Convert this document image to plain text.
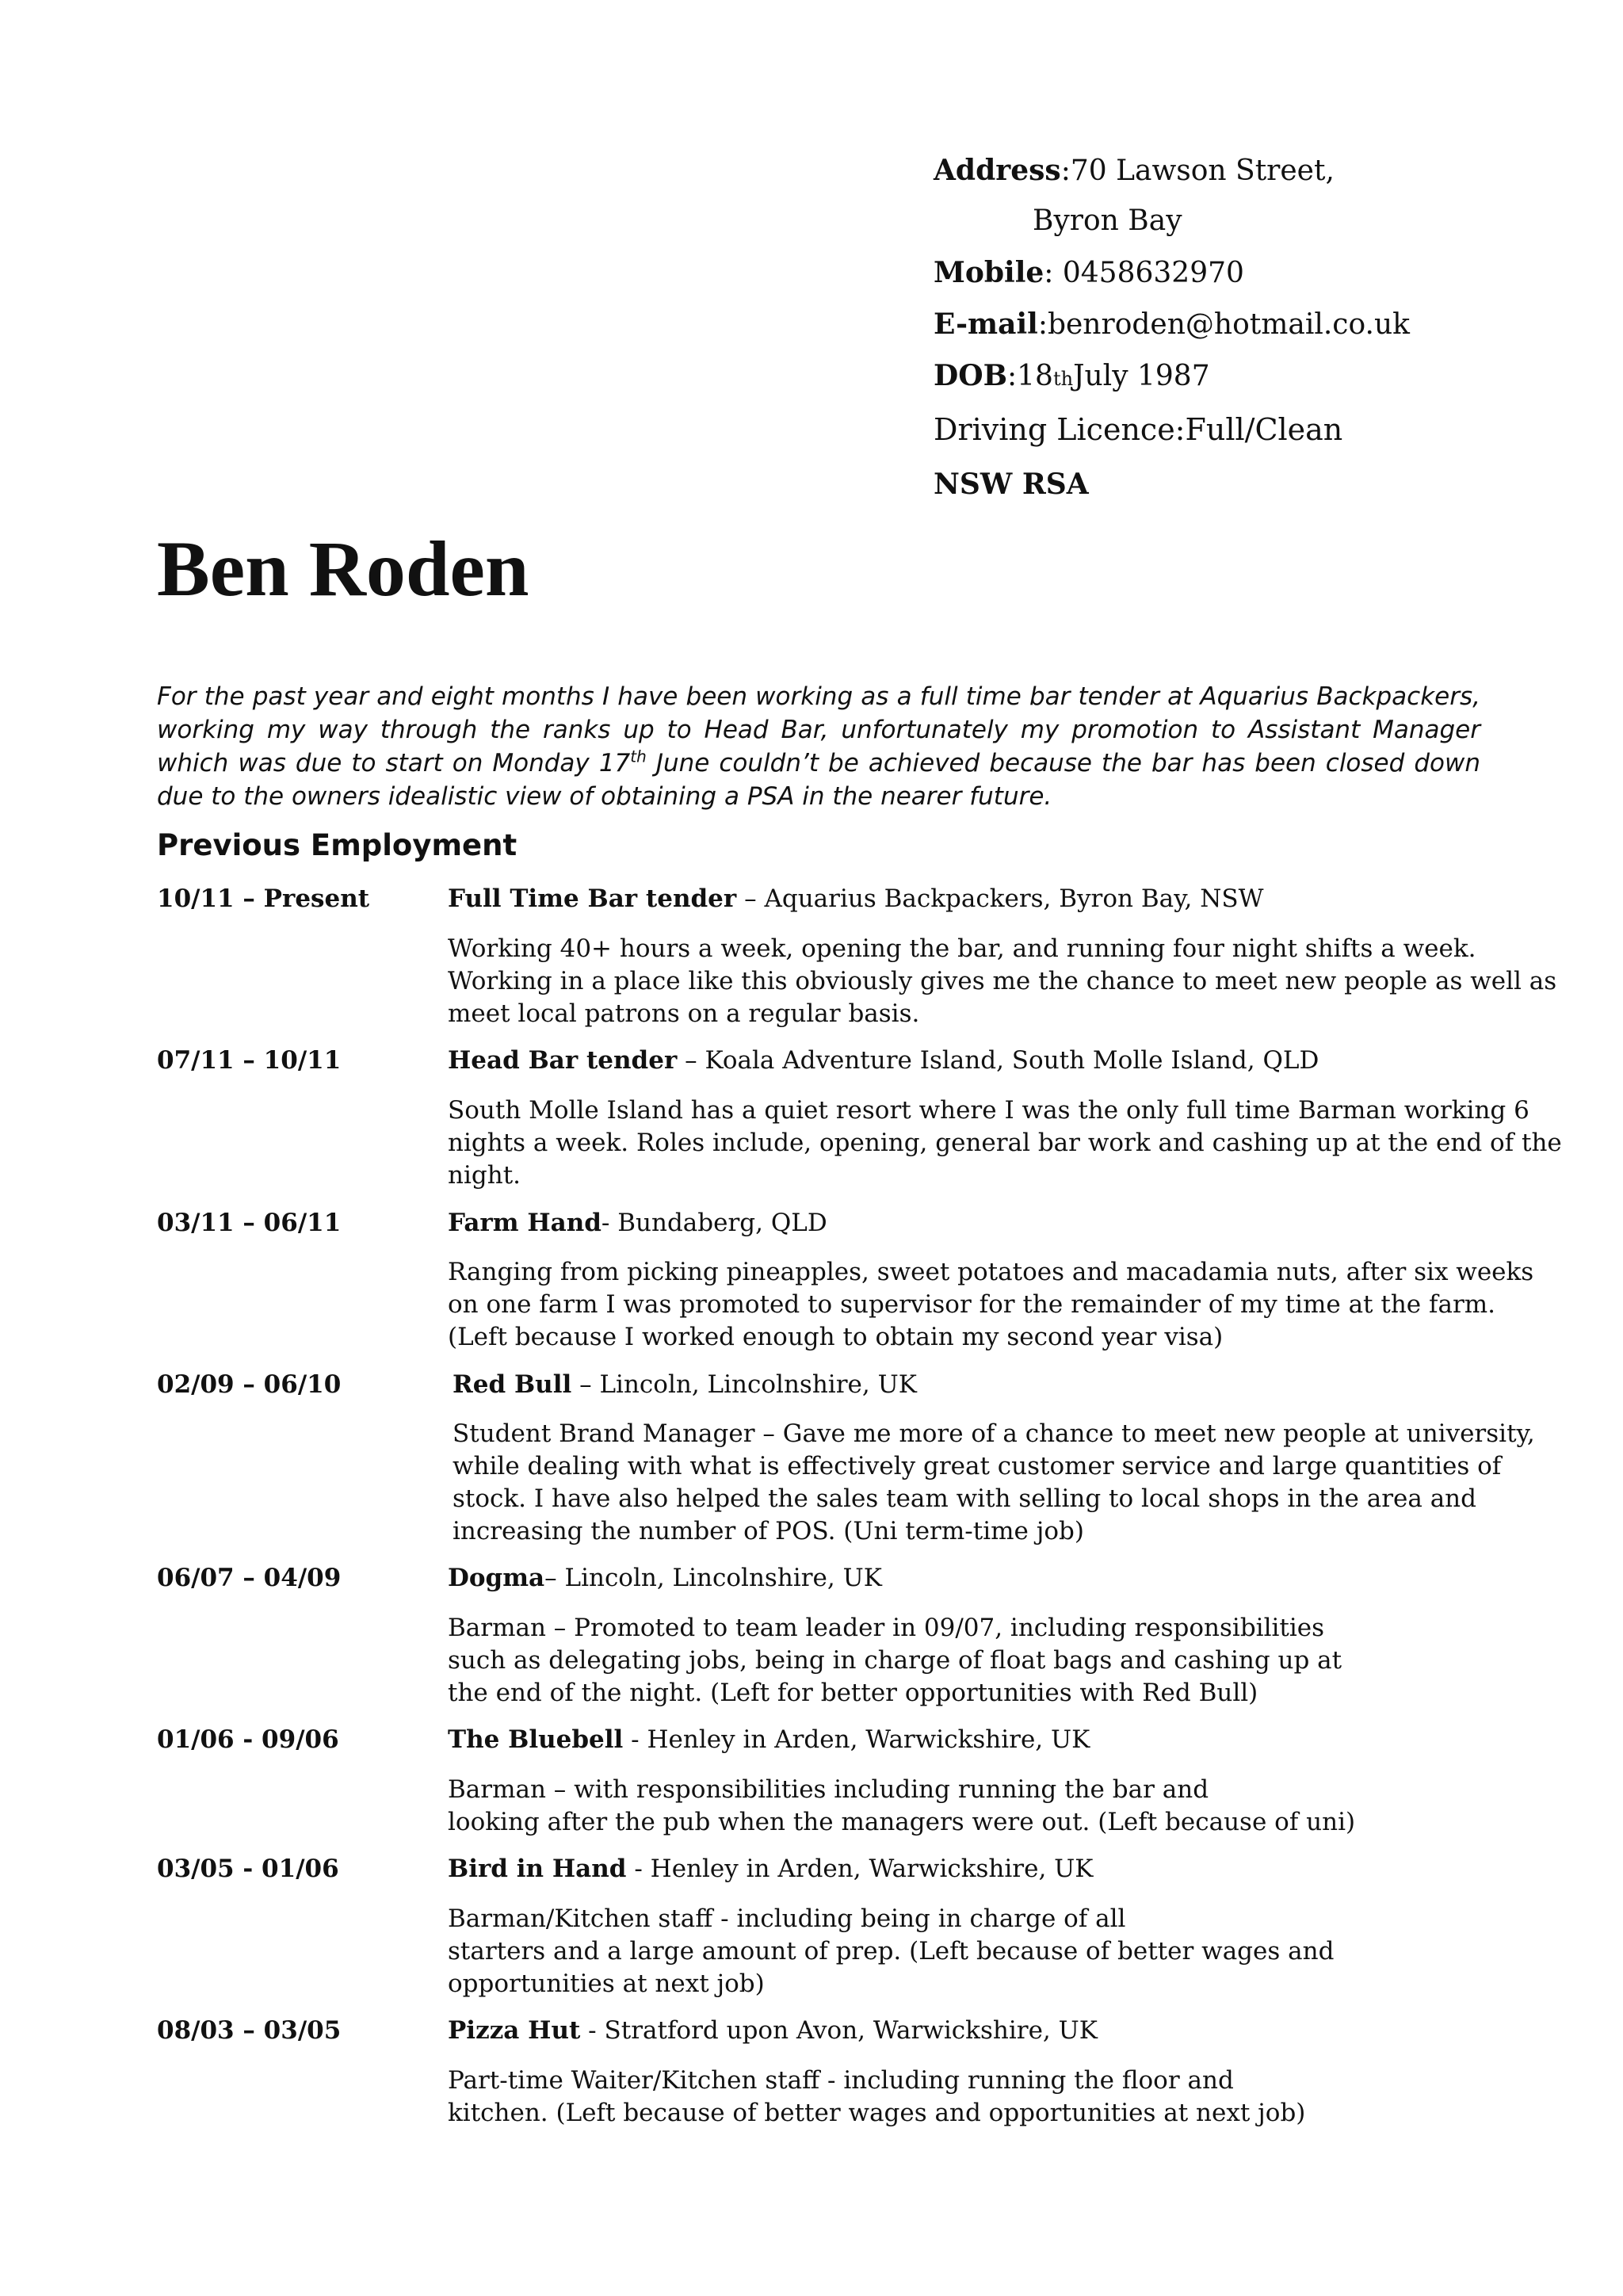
Address:70 Lawson Street,
Byron Bay
Mobile: 0458632970
E-mail:benroden@hotmail.co.uk
DOB:18thJuly 1987
Driving Licence:Full/Clean
NSW RSA
Ben Roden

For the past year and eight months I have been working as a full time bar tender at Aquarius Backpackers, working my way through the ranks up to Head Bar, unfortunately my promotion to Assistant Manager which was due to start on Monday 17th June couldn’t be achieved because the bar has been closed down due to the owners idealistic view of obtaining a PSA in the nearer future.

Previous Employment
10/11 – Present	Full Time Bar tender – Aquarius Backpackers, Byron Bay, NSW
Working 40+ hours a week, opening the bar, and running four night shifts a week.
Working in a place like this obviously gives me the chance to meet new people as well as
meet local patrons on a regular basis.
07/11 – 10/11	Head Bar tender – Koala Adventure Island, South Molle Island, QLD
South Molle Island has a quiet resort where I was the only full time Barman working 6
nights a week. Roles include, opening, general bar work and cashing up at the end of the
night.
03/11 – 06/11	Farm Hand- Bundaberg, QLD
Ranging from picking pineapples, sweet potatoes and macadamia nuts, after six weeks
on one farm I was promoted to supervisor for the remainder of my time at the farm.
(Left because I worked enough to obtain my second year visa)
02/09 – 06/10	Red Bull – Lincoln, Lincolnshire, UK
Student Brand Manager – Gave me more of a chance to meet new people at university,
while dealing with what is effectively great customer service and large quantities of
stock. I have also helped the sales team with selling to local shops in the area and
increasing the number of POS. (Uni term-time job)
06/07 – 04/09	Dogma– Lincoln, Lincolnshire, UK
Barman – Promoted to team leader in 09/07, including responsibilities
such as delegating jobs, being in charge of float bags and cashing up at
the end of the night. (Left for better opportunities with Red Bull)
01/06 - 09/06	The Bluebell - Henley in Arden, Warwickshire, UK
Barman – with responsibilities including running the bar and
looking after the pub when the managers were out. (Left because of uni)
03/05 - 01/06	Bird in Hand - Henley in Arden, Warwickshire, UK
Barman/Kitchen staff - including being in charge of all
starters and a large amount of prep. (Left because of better wages and
opportunities at next job)
08/03 – 03/05	Pizza Hut - Stratford upon Avon, Warwickshire, UK
Part-time Waiter/Kitchen staff - including running the floor and
kitchen. (Left because of better wages and opportunities at next job)
